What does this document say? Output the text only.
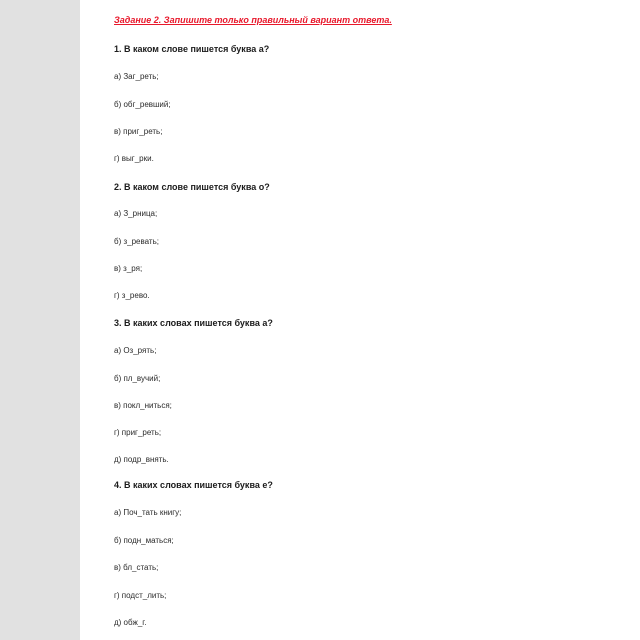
Задание 2. Запишите только правильный вариант ответа.
1. В каком слове пишется буква а?
а) Заг_реть;
б) обг_ревший;
в) приг_реть;
г) выг_рки.
2. В каком слове пишется буква о?
а) З_рница;
б) з_ревать;
в) з_ря;
г) з_рево.
3. В каких словах пишется буква а?
а) Оз_рять;
б) пл_вучий;
в) покл_ниться;
г) приг_реть;
д) подр_внять.
4. В каких словах пишется буква е?
а) Поч_тать книгу;
б) подн_маться;
в) бл_стать;
г) подст_лить;
д) обж_г.
